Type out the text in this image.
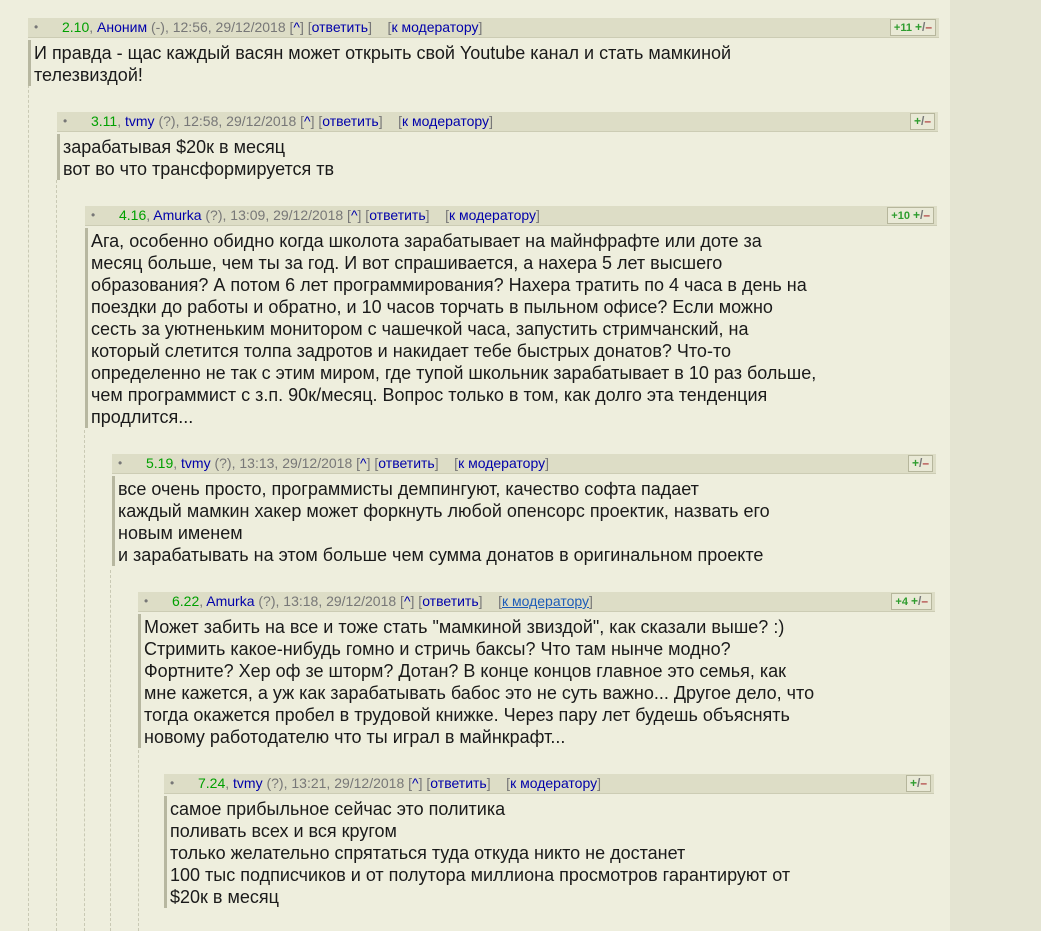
• 2.10, Аноним (-), 12:56, 29/12/2018 [^] [ответить]    [к модератору]	+11 +/–
И правда - щас каждый васян может открыть свой Youtube канал и стать мамкиной
телезвиздой!
• 3.11, tvmy (?), 12:58, 29/12/2018 [^] [ответить]    [к модератору]	+/–
зарабатывая $20к в месяц
вот во что трансформируется тв
• 4.16, Amurka (?), 13:09, 29/12/2018 [^] [ответить]    [к модератору]	+10 +/–
Ага, особенно обидно когда школота зарабатывает на майнфрафте или доте за
месяц больше, чем ты за год. И вот спрашивается, а нахера 5 лет высшего
образования? А потом 6 лет программирования? Нахера тратить по 4 часа в день на
поездки до работы и обратно, и 10 часов торчать в пыльном офисе? Если можно
сесть за уютненьким монитором с чашечкой часа, запустить стримчанский, на
который слетится толпа задротов и накидает тебе быстрых донатов? Что-то
определенно не так с этим миром, где тупой школьник зарабатывает в 10 раз больше,
чем программист с з.п. 90к/месяц. Вопрос только в том, как долго эта тенденция
продлится...
• 5.19, tvmy (?), 13:13, 29/12/2018 [^] [ответить]    [к модератору]	+/–
все очень просто, программисты демпингуют, качество софта падает
каждый мамкин хакер может форкнуть любой опенсорс проектик, назвать его
новым именем
и зарабатывать на этом больше чем сумма донатов в оригинальном проекте
• 6.22, Amurka (?), 13:18, 29/12/2018 [^] [ответить]    [к модератору]	+4 +/–
Может забить на все и тоже стать "мамкиной звиздой", как сказали выше? :)
Стримить какое-нибудь гомно и стричь баксы? Что там нынче модно?
Фортните? Хер оф зе шторм? Дотан? В конце концов главное это семья, как
мне кажется, а уж как зарабатывать бабос это не суть важно... Другое дело, что
тогда окажется пробел в трудовой книжке. Через пару лет будешь объяснять
новому работодателю что ты играл в майнкрафт...
• 7.24, tvmy (?), 13:21, 29/12/2018 [^] [ответить]    [к модератору]	+/–
самое прибыльное сейчас это политика
поливать всех и вся кругом
только желательно спрятаться туда откуда никто не достанет
100 тыс подписчиков и от полутора миллиона просмотров гарантируют от
$20к в месяц
